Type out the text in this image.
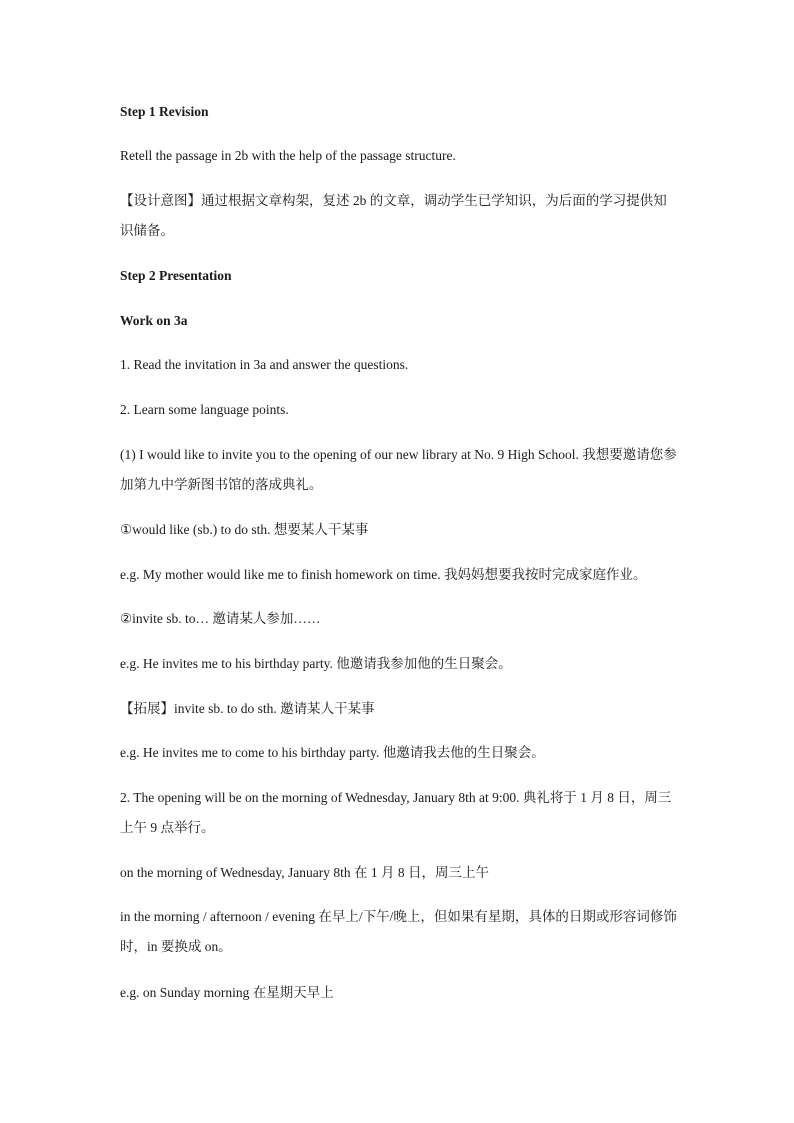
Step 1 Revision
Retell the passage in 2b with the help of the passage structure.
【设计意图】通过根据文章构架，复述 2b 的文章，调动学生已学知识，为后面的学习提供知识储备。
Step 2 Presentation
Work on 3a
1. Read the invitation in 3a and answer the questions.
2. Learn some language points.
(1) I would like to invite you to the opening of our new library at No. 9 High School. 我想要邀请您参加第九中学新图书馆的落成典礼。
①would like (sb.) to do sth. 想要某人干某事
e.g. My mother would like me to finish homework on time. 我妈妈想要我按时完成家庭作业。
②invite sb. to… 邀请某人参加……
e.g. He invites me to his birthday party. 他邀请我参加他的生日聚会。
【拓展】invite sb. to do sth. 邀请某人干某事
e.g. He invites me to come to his birthday party. 他邀请我去他的生日聚会。
2. The opening will be on the morning of Wednesday, January 8th at 9:00. 典礼将于 1 月 8 日，周三上午 9 点举行。
on the morning of Wednesday, January 8th 在 1 月 8 日，周三上午
in the morning / afternoon / evening 在早上/下午/晚上，但如果有星期，具体的日期或形容词修饰时，in 要换成 on。
e.g. on Sunday morning 在星期天早上
